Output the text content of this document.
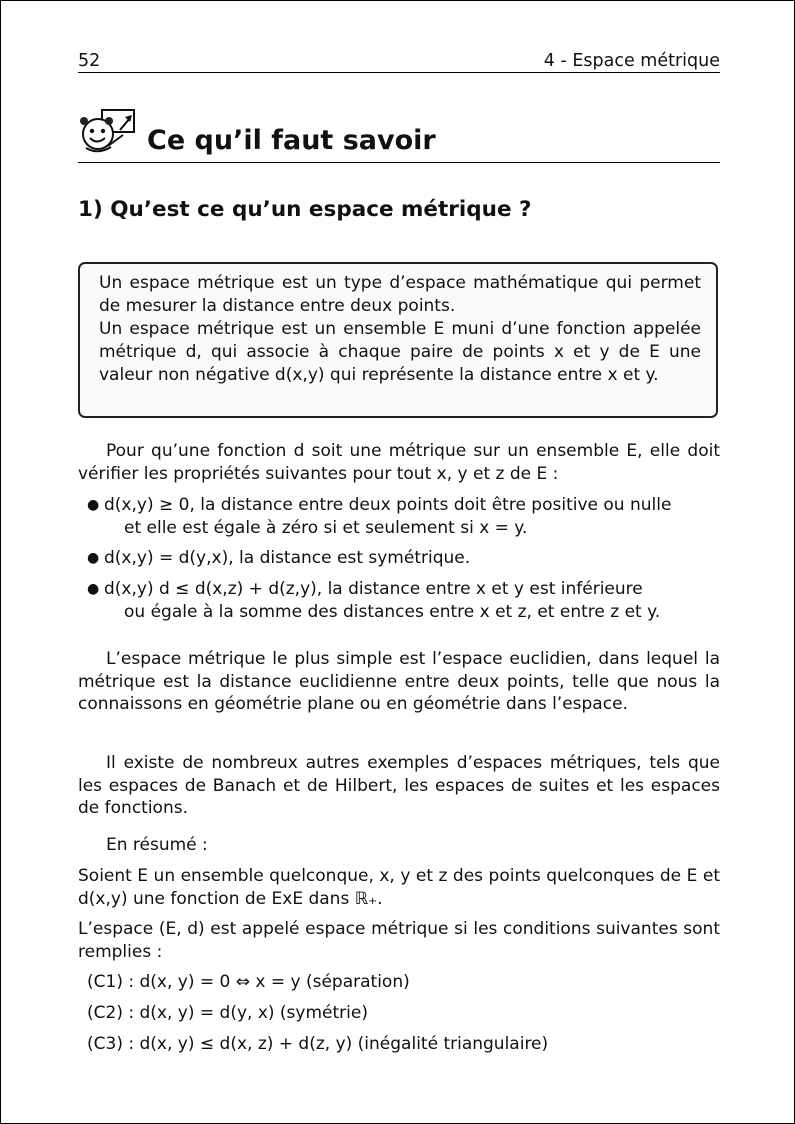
52	4 - Espace métrique
Ce qu’il faut savoir
1) Qu’est ce qu’un espace métrique ?

Un espace métrique est un type d’espace mathématique qui permet de mesurer la distance entre deux points.

Un espace métrique est un ensemble E muni d’une fonction appelée métrique d, qui associe à chaque paire de points x et y de E une valeur non négative d(x,y) qui représente la distance entre x et y.

Pour qu’une fonction d soit une métrique sur un ensemble E, elle doit vérifier les propriétés suivantes pour tout x, y et z de E :

● d(x,y) ≥ 0, la distance entre deux points doit être positive ou nulle
et elle est égale à zéro si et seulement si x = y.
● d(x,y) = d(y,x), la distance est symétrique.
● d(x,y) d ≤ d(x,z) + d(z,y), la distance entre x et y est inférieure
ou égale à la somme des distances entre x et z, et entre z et y.

L’espace métrique le plus simple est l’espace euclidien, dans lequel la métrique est la distance euclidienne entre deux points, telle que nous la connaissons en géométrie plane ou en géométrie dans l’espace.

Il existe de nombreux autres exemples d’espaces métriques, tels que les espaces de Banach et de Hilbert, les espaces de suites et les espaces de fonctions.

En résumé :

Soient E un ensemble quelconque, x, y et z des points quelconques de E et d(x,y) une fonction de ExE dans ℝ₊.

L’espace (E, d) est appelé espace métrique si les conditions suivantes sont remplies :

(C1) : d(x, y) = 0 ⇔ x = y (séparation)
(C2) : d(x, y) = d(y, x) (symétrie)
(C3) : d(x, y) ≤ d(x, z) + d(z, y) (inégalité triangulaire)
